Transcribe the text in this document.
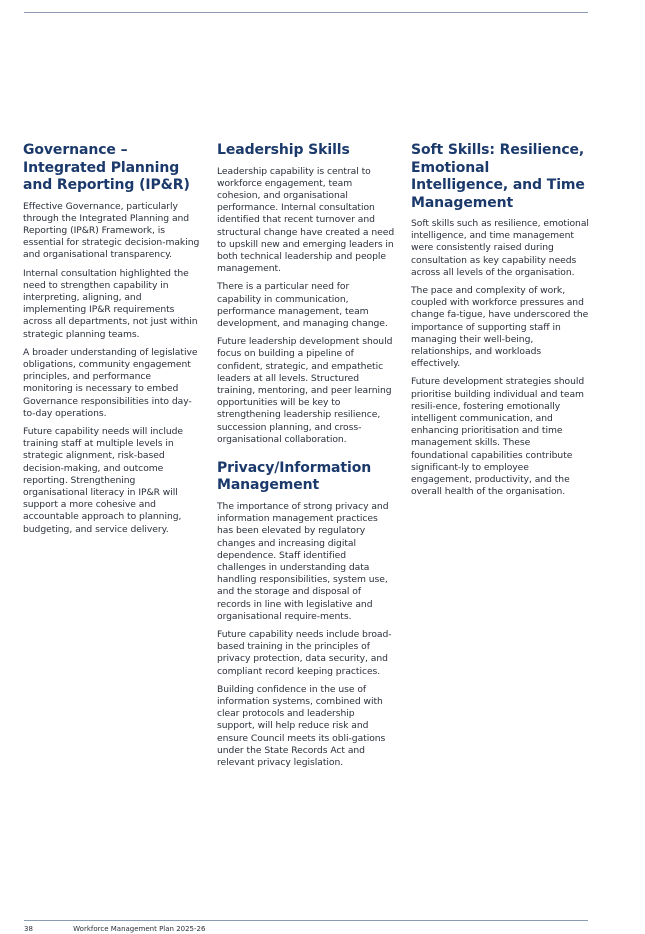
Governance – Integrated Planning and Reporting (IP&R)

Effective Governance, particularly through the Integrated Planning and Reporting (IP&R) Framework, is essential for strategic decision-making and organisational transparency.

Internal consultation highlighted the need to strengthen capability in interpreting, aligning, and implementing IP&R requirements across all departments, not just within strategic planning teams.

A broader understanding of legislative obligations, community engagement principles, and performance monitoring is necessary to embed Governance responsibilities into day-to-day operations.

Future capability needs will include training staff at multiple levels in strategic alignment, risk-based decision-making, and outcome reporting. Strengthening organisational literacy in IP&R will support a more cohesive and accountable approach to planning, budgeting, and service delivery.

Leadership Skills

Leadership capability is central to workforce engagement, team cohesion, and organisational performance. Internal consultation identified that recent turnover and structural change have created a need to upskill new and emerging leaders in both technical leadership and people management.

There is a particular need for capability in communication, performance management, team development, and managing change.

Future leadership development should focus on building a pipeline of confident, strategic, and empathetic leaders at all levels. Structured training, mentoring, and peer learning opportunities will be key to strengthening leadership resilience, succession planning, and cross-organisational collaboration.

Privacy/Information Management

The importance of strong privacy and information management practices has been elevated by regulatory changes and increasing digital dependence. Staff identified challenges in understanding data handling responsibilities, system use, and the storage and disposal of records in line with legislative and organisational require-ments.

Future capability needs include broad-based training in the principles of privacy protection, data security, and compliant record keeping practices.

Building confidence in the use of information systems, combined with clear protocols and leadership support, will help reduce risk and ensure Council meets its obli-gations under the State Records Act and relevant privacy legislation.

Soft Skills: Resilience, Emotional Intelligence, and Time Management

Soft skills such as resilience, emotional intelligence, and time management were consistently raised during consultation as key capability needs across all levels of the organisation.

The pace and complexity of work, coupled with workforce pressures and change fa-tigue, have underscored the importance of supporting staff in managing their well-being, relationships, and workloads effectively.

Future development strategies should prioritise building individual and team resili-ence, fostering emotionally intelligent communication, and enhancing prioritisation and time management skills. These foundational capabilities contribute significant-ly to employee engagement, productivity, and the overall health of the organisation.

38	Workforce Management Plan 2025-26
